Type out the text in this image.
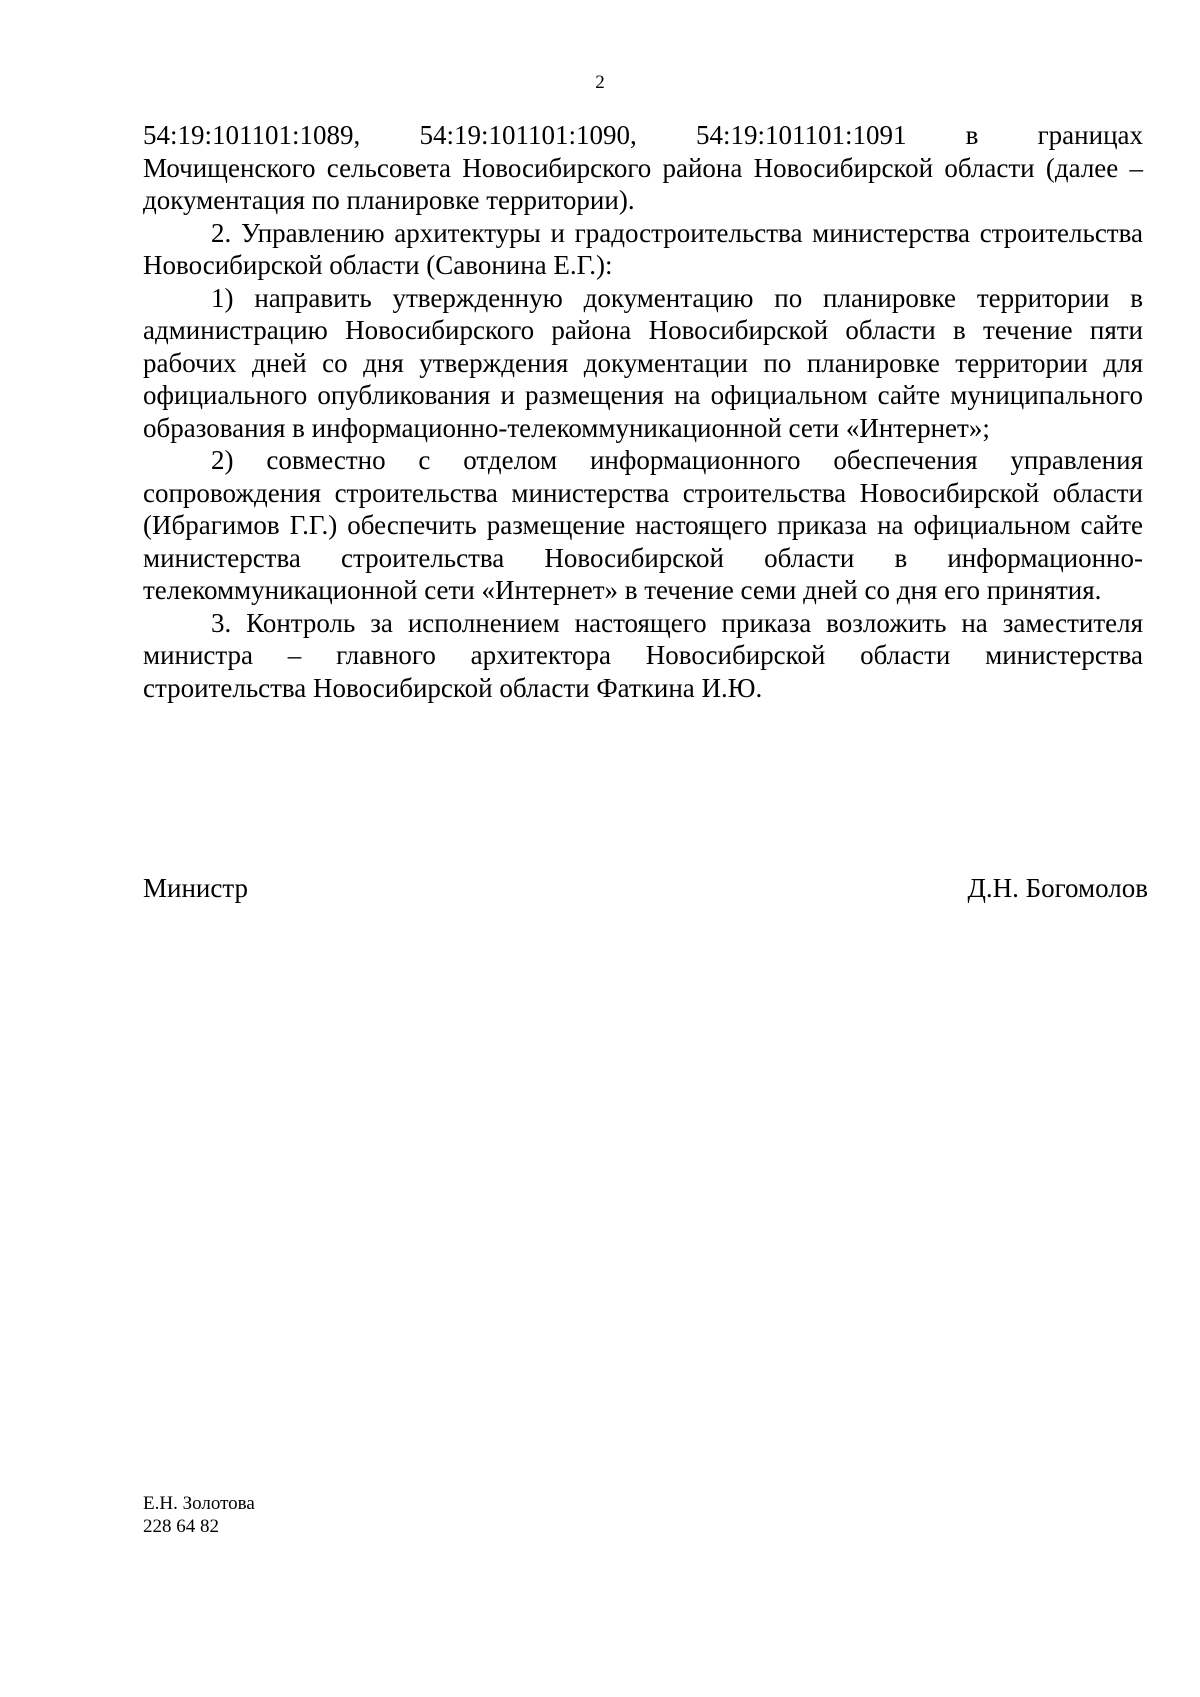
2
54:19:101101:1089, 54:19:101101:1090, 54:19:101101:1091 в границах

Мочищенского сельсовета Новосибирского района Новосибирской области (далее – документация по планировке территории).

2. Управлению архитектуры и градостроительства министерства строительства Новосибирской области (Савонина Е.Г.):

1) направить утвержденную документацию по планировке территории в администрацию Новосибирского района Новосибирской области в течение пяти рабочих дней со дня утверждения документации по планировке территории для официального опубликования и размещения на официальном сайте муниципального образования в информационно-телекоммуникационной сети «Интернет»;

2) совместно с отделом информационного обеспечения управления сопровождения строительства министерства строительства Новосибирской области (Ибрагимов Г.Г.) обеспечить размещение настоящего приказа на официальном сайте министерства строительства Новосибирской области в информационно-телекоммуникационной сети «Интернет» в течение семи дней со дня его принятия.

3. Контроль за исполнением настоящего приказа возложить на заместителя министра – главного архитектора Новосибирской области министерства строительства Новосибирской области Фаткина И.Ю.

Министр	Д.Н. Богомолов
Е.Н. Золотова
228 64 82
